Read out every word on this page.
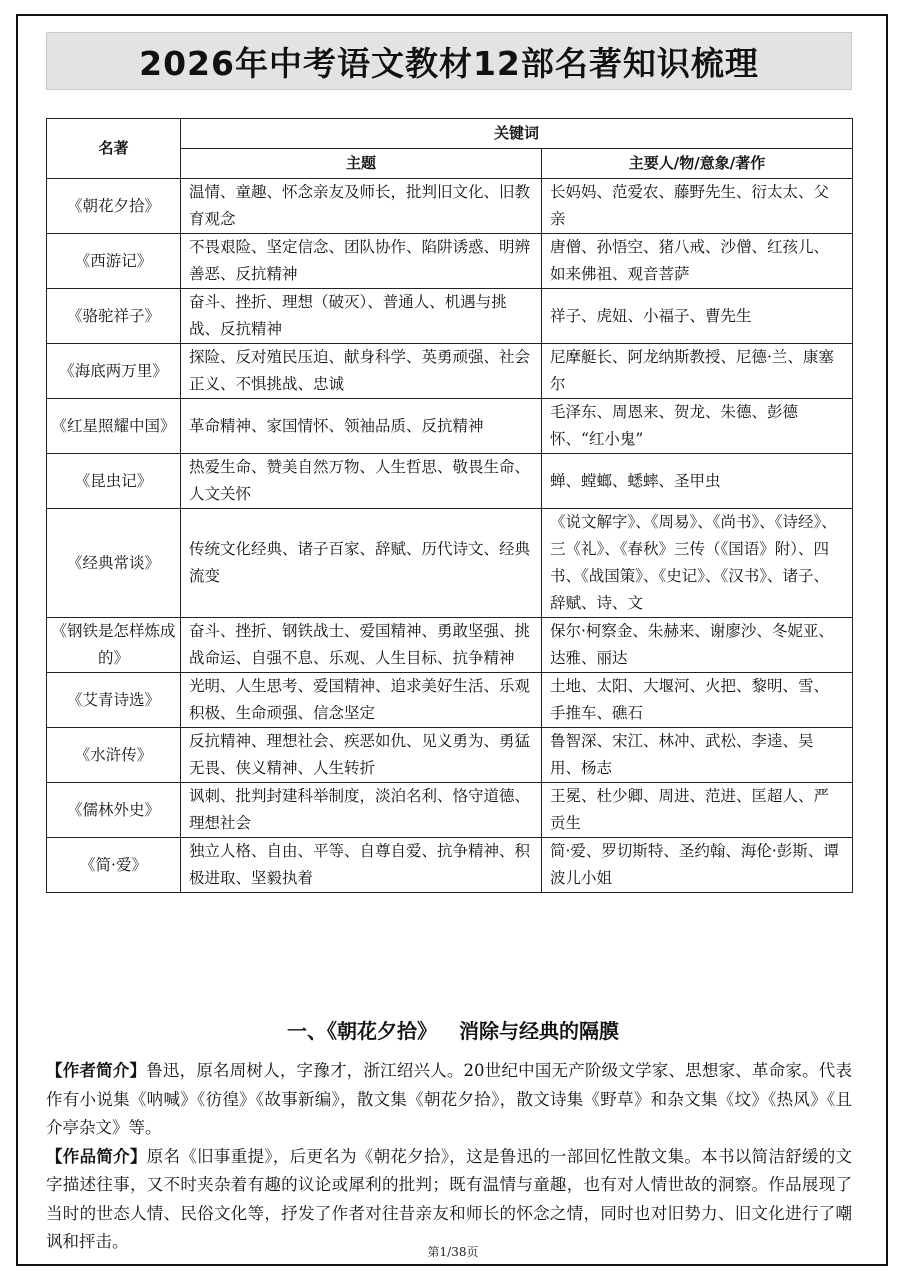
2026年中考语文教材12部名著知识梳理
名著	关键词	
	主题	主要人/物/意象/著作
《朝花夕拾》	温情、童趣、怀念亲友及师长，批判旧文化、旧教育观念	长妈妈、范爱农、藤野先生、衍太太、父亲
《西游记》	不畏艰险、坚定信念、团队协作、陷阱诱惑、明辨善恶、反抗精神	唐僧、孙悟空、猪八戒、沙僧、红孩儿、如来佛祖、观音菩萨
《骆驼祥子》	奋斗、挫折、理想（破灭）、普通人、机遇与挑战、反抗精神	祥子、虎妞、小福子、曹先生
《海底两万里》	探险、反对殖民压迫、献身科学、英勇顽强、社会正义、不惧挑战、忠诚	尼摩艇长、阿龙纳斯教授、尼德·兰、康塞尔
《红星照耀中国》	革命精神、家国情怀、领袖品质、反抗精神	毛泽东、周恩来、贺龙、朱德、彭德怀、“红小鬼”
《昆虫记》	热爱生命、赞美自然万物、人生哲思、敬畏生命、人文关怀	蝉、螳螂、蟋蟀、圣甲虫
《经典常谈》	传统文化经典、诸子百家、辞赋、历代诗文、经典流变	《说文解字》、《周易》、《尚书》、《诗经》、三《礼》、《春秋》三传（《国语》附）、四书、《战国策》、《史记》、《汉书》、诸子、辞赋、诗、文
《钢铁是怎样炼成的》	奋斗、挫折、钢铁战士、爱国精神、勇敢坚强、挑战命运、自强不息、乐观、人生目标、抗争精神	保尔·柯察金、朱赫来、谢廖沙、冬妮亚、达雅、丽达
《艾青诗选》	光明、人生思考、爱国精神、追求美好生活、乐观积极、生命顽强、信念坚定	土地、太阳、大堰河、火把、黎明、雪、手推车、礁石
《水浒传》	反抗精神、理想社会、疾恶如仇、见义勇为、勇猛无畏、侠义精神、人生转折	鲁智深、宋江、林冲、武松、李逵、吴用、杨志
《儒林外史》	讽刺、批判封建科举制度，淡泊名利、恪守道德、理想社会	王冕、杜少卿、周进、范进、匡超人、严贡生
《简·爱》	独立人格、自由、平等、自尊自爱、抗争精神、积极进取、坚毅执着	简·爱、罗切斯特、圣约翰、海伦·彭斯、谭波儿小姐
一、《朝花夕拾》 消除与经典的隔膜

【作者简介】鲁迅，原名周树人，字豫才，浙江绍兴人。20世纪中国无产阶级文学家、思想家、革命家。代表作有小说集《呐喊》《彷徨》《故事新编》，散文集《朝花夕拾》，散文诗集《野草》和杂文集《坟》《热风》《且介亭杂文》等。

【作品简介】原名《旧事重提》，后更名为《朝花夕拾》，这是鲁迅的一部回忆性散文集。本书以简洁舒缓的文字描述往事，又不时夹杂着有趣的议论或犀利的批判；既有温情与童趣，也有对人情世故的洞察。作品展现了当时的世态人情、民俗文化等，抒发了作者对往昔亲友和师长的怀念之情，同时也对旧势力、旧文化进行了嘲讽和抨击。

第1/38页
